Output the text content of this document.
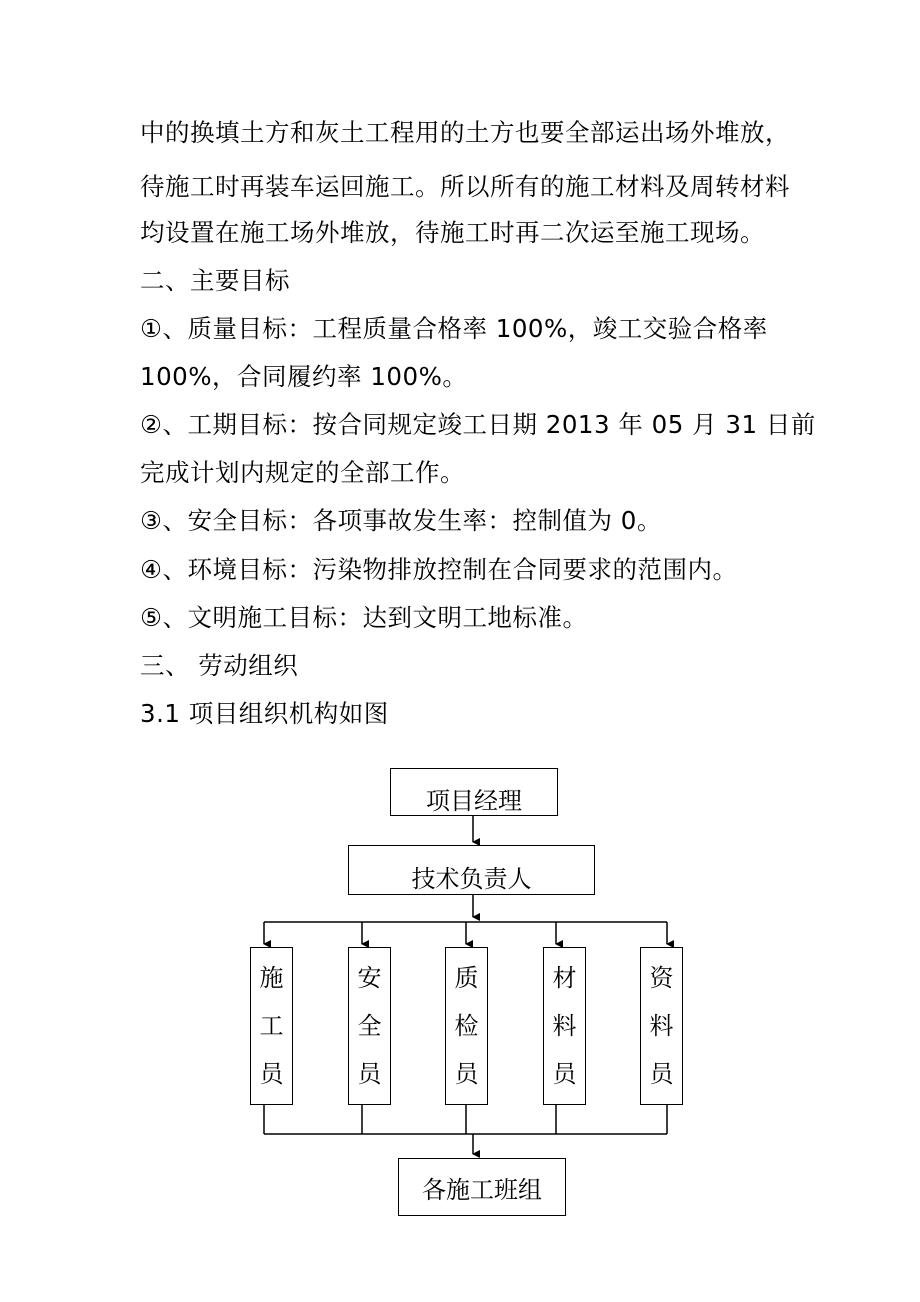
中的换填土方和灰土工程用的土方也要全部运出场外堆放，
待施工时再装车运回施工。所以所有的施工材料及周转材料
均设置在施工场外堆放，待施工时再二次运至施工现场。
二、主要目标
①、质量目标：工程质量合格率 100%，竣工交验合格率
100%，合同履约率 100%。
②、工期目标：按合同规定竣工日期 2013 年 05 月 31 日前
完成计划内规定的全部工作。
③、安全目标：各项事故发生率：控制值为 0。
④、环境目标：污染物排放控制在合同要求的范围内。
⑤、文明施工目标：达到文明工地标准。
三、 劳动组织
3.1 项目组织机构如图
项目经理
技术负责人
施
工
员
安
全
员
质
检
员
材
料
员
资
料
员
各施工班组
